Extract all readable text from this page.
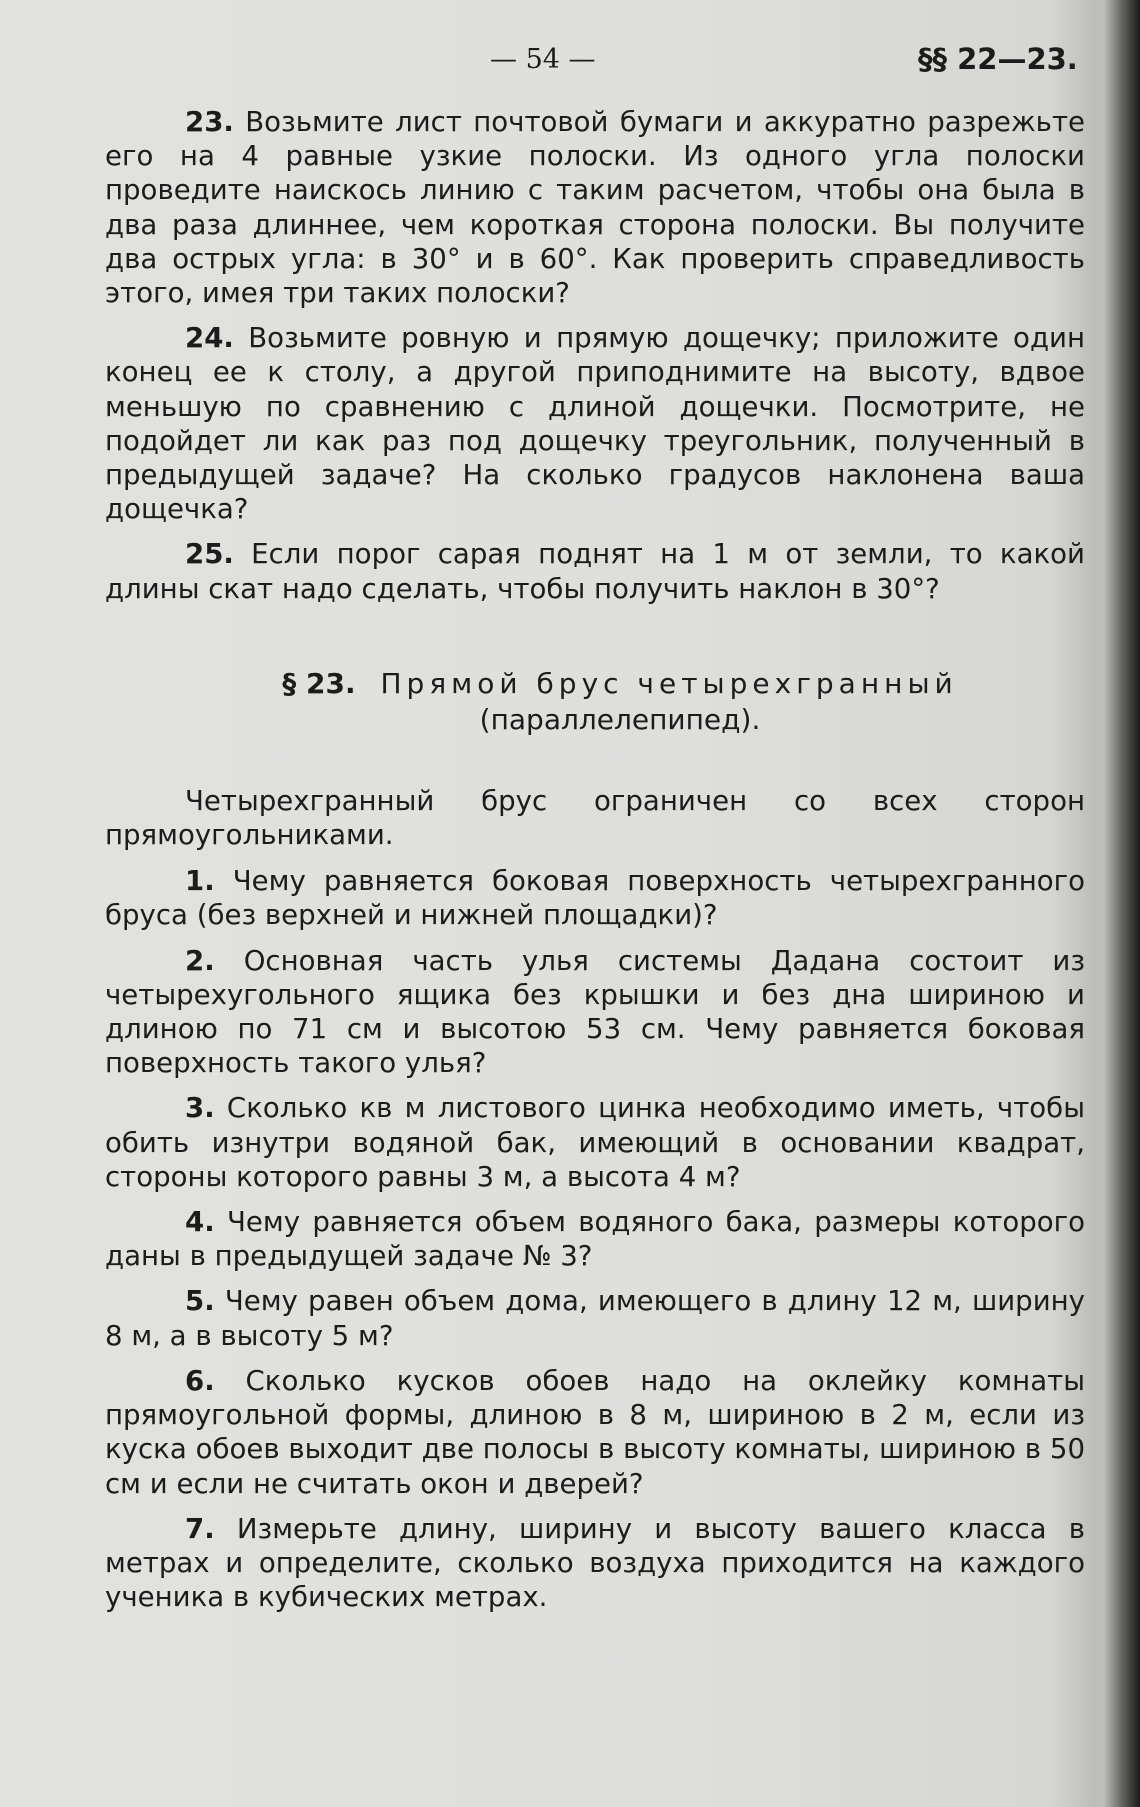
— 54 —	§§ 22—23.

23. Возьмите лист почтовой бумаги и аккуратно разрежьте его на 4 равные узкие полоски. Из одного угла полоски проведите наискось линию с таким расчетом, чтобы она была в два раза длиннее, чем короткая сторона полоски. Вы получите два острых угла: в 30° и в 60°. Как проверить справедливость этого, имея три таких полоски?

24. Возьмите ровную и прямую дощечку; приложите один конец ее к столу, а другой приподнимите на высоту, вдвое меньшую по сравнению с длиной дощечки. Посмотрите, не подойдет ли как раз под дощечку треугольник, полученный в предыдущей задаче? На сколько градусов наклонена ваша дощечка?

25. Если порог сарая поднят на 1 м от земли, то какой длины скат надо сделать, чтобы получить наклон в 30°?

§ 23. Прямой брус четырехгранный (параллелепипед).

Четырехгранный брус ограничен со всех сторон прямоугольниками.

1. Чему равняется боковая поверхность четырехгранного бруса (без верхней и нижней площадки)?

2. Основная часть улья системы Дадана состоит из четырехугольного ящика без крышки и без дна шириною и длиною по 71 см и высотою 53 см. Чему равняется боковая поверхность такого улья?

3. Сколько кв м листового цинка необходимо иметь, чтобы обить изнутри водяной бак, имеющий в основании квадрат, стороны которого равны 3 м, а высота 4 м?

4. Чему равняется объем водяного бака, размеры которого даны в предыдущей задаче № 3?

5. Чему равен объем дома, имеющего в длину 12 м, ширину 8 м, а в высоту 5 м?

6. Сколько кусков обоев надо на оклейку комнаты прямоугольной формы, длиною в 8 м, шириною в 2 м, если из куска обоев выходит две полосы в высоту комнаты, шириною в 50 см и если не считать окон и дверей?

7. Измерьте длину, ширину и высоту вашего класса в метрах и определите, сколько воздуха приходится на каждого ученика в кубических метрах.
